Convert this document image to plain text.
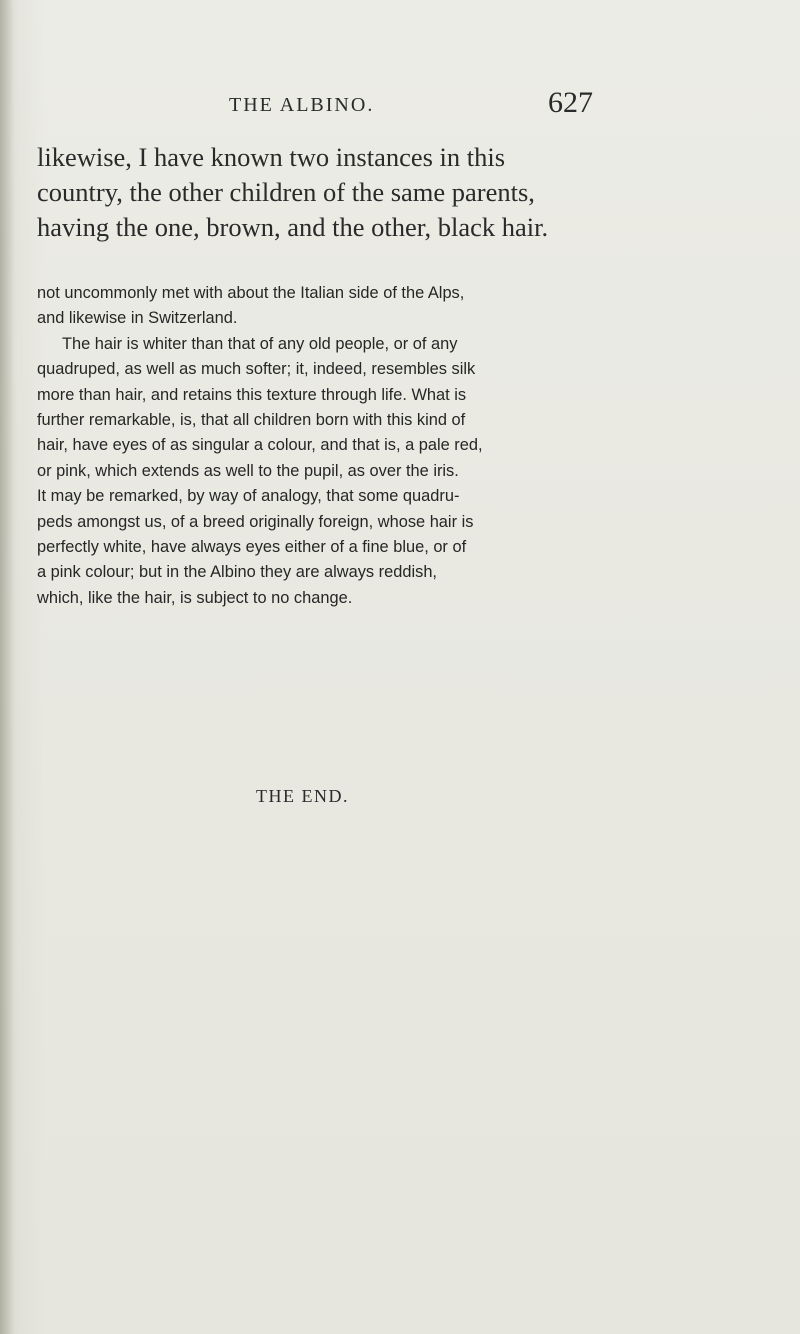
THE ALBINO.	627
likewise, I have known two instances in this
country, the other children of the same parents,
having the one, brown, and the other, black hair.
not uncommonly met with about the Italian side of the Alps,
and likewise in Switzerland.
The hair is whiter than that of any old people, or of any
quadruped, as well as much softer; it, indeed, resembles silk
more than hair, and retains this texture through life. What is
further remarkable, is, that all children born with this kind of
hair, have eyes of as singular a colour, and that is, a pale red,
or pink, which extends as well to the pupil, as over the iris.
It may be remarked, by way of analogy, that some quadru-
peds amongst us, of a breed originally foreign, whose hair is
perfectly white, have always eyes either of a fine blue, or of
a pink colour; but in the Albino they are always reddish,
which, like the hair, is subject to no change.
THE END.
